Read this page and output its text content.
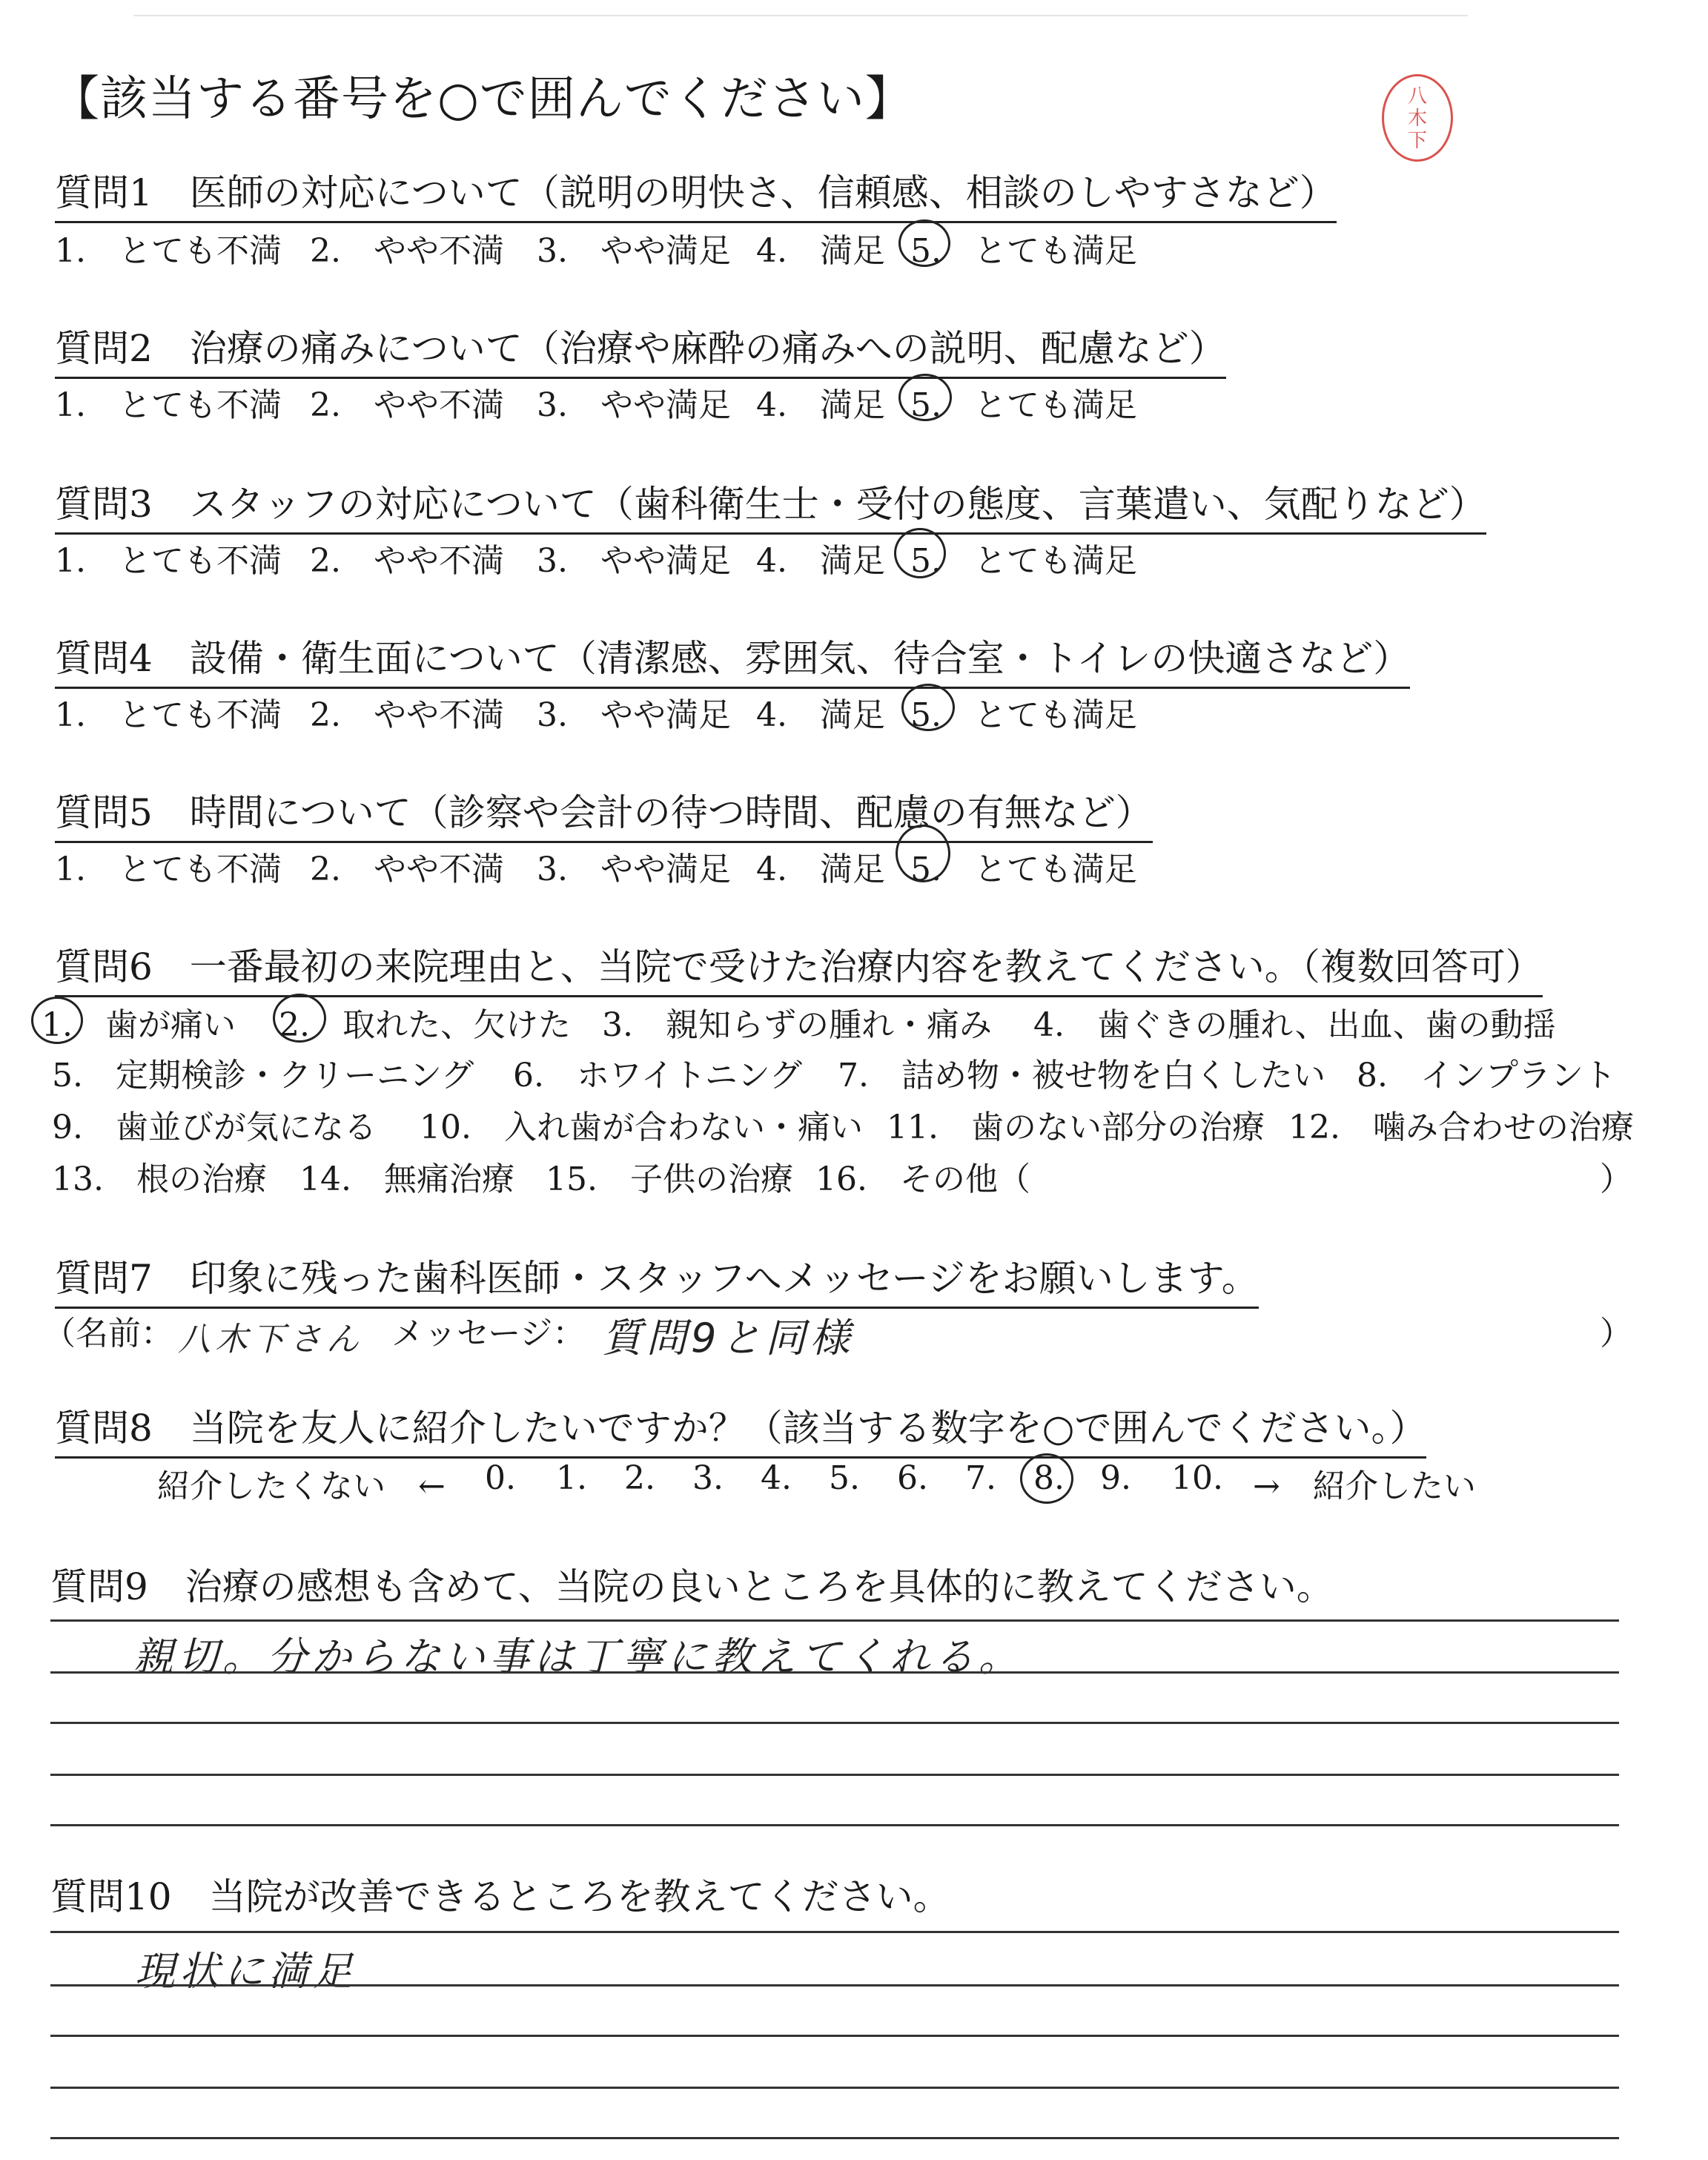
【該当する番号を○で囲んでください】	八木下
質問1　医師の対応について（説明の明快さ、信頼感、相談のしやすさなど）
1.　とても不満 2.　やや不満 3.　やや満足 4.　満足 5.　とても満足
質問2　治療の痛みについて（治療や麻酔の痛みへの説明、配慮など）
1.　とても不満 2.　やや不満 3.　やや満足 4.　満足 5.　とても満足
質問3　スタッフの対応について（歯科衛生士・受付の態度、言葉遣い、気配りなど）
1.　とても不満 2.　やや不満 3.　やや満足 4.　満足 5.　とても満足
質問4　設備・衛生面について（清潔感、雰囲気、待合室・トイレの快適さなど）
1.　とても不満 2.　やや不満 3.　やや満足 4.　満足 5.　とても満足
質問5　時間について（診察や会計の待つ時間、配慮の有無など）
1.　とても不満 2.　やや不満 3.　やや満足 4.　満足 5.　とても満足
質問6　一番最初の来院理由と、当院で受けた治療内容を教えてください。（複数回答可）
1.　歯が痛い 2.　取れた、欠けた 3.　親知らずの腫れ・痛み 4.　歯ぐきの腫れ、出血、歯の動揺
5.　定期検診・クリーニング 6.　ホワイトニング 7.　詰め物・被せ物を白くしたい 8.　インプラント
9.　歯並びが気になる 10.　入れ歯が合わない・痛い 11.　歯のない部分の治療 12.　噛み合わせの治療
13.　根の治療 14.　無痛治療 15.　子供の治療 16.　その他（	）
質問7　印象に残った歯科医師・スタッフへメッセージをお願いします。
（名前： 八木下さん メッセージ： 質問9と同様	）
質問8　当院を友人に紹介したいですか？（該当する数字を○で囲んでください。）
紹介したくない　← 0. 1. 2. 3. 4. 5. 6. 7. 8. 9. 10. →　紹介したい
質問9　治療の感想も含めて、当院の良いところを具体的に教えてください。
親切。分からない事は丁寧に教えてくれる。
質問10　当院が改善できるところを教えてください。
現状に満足
